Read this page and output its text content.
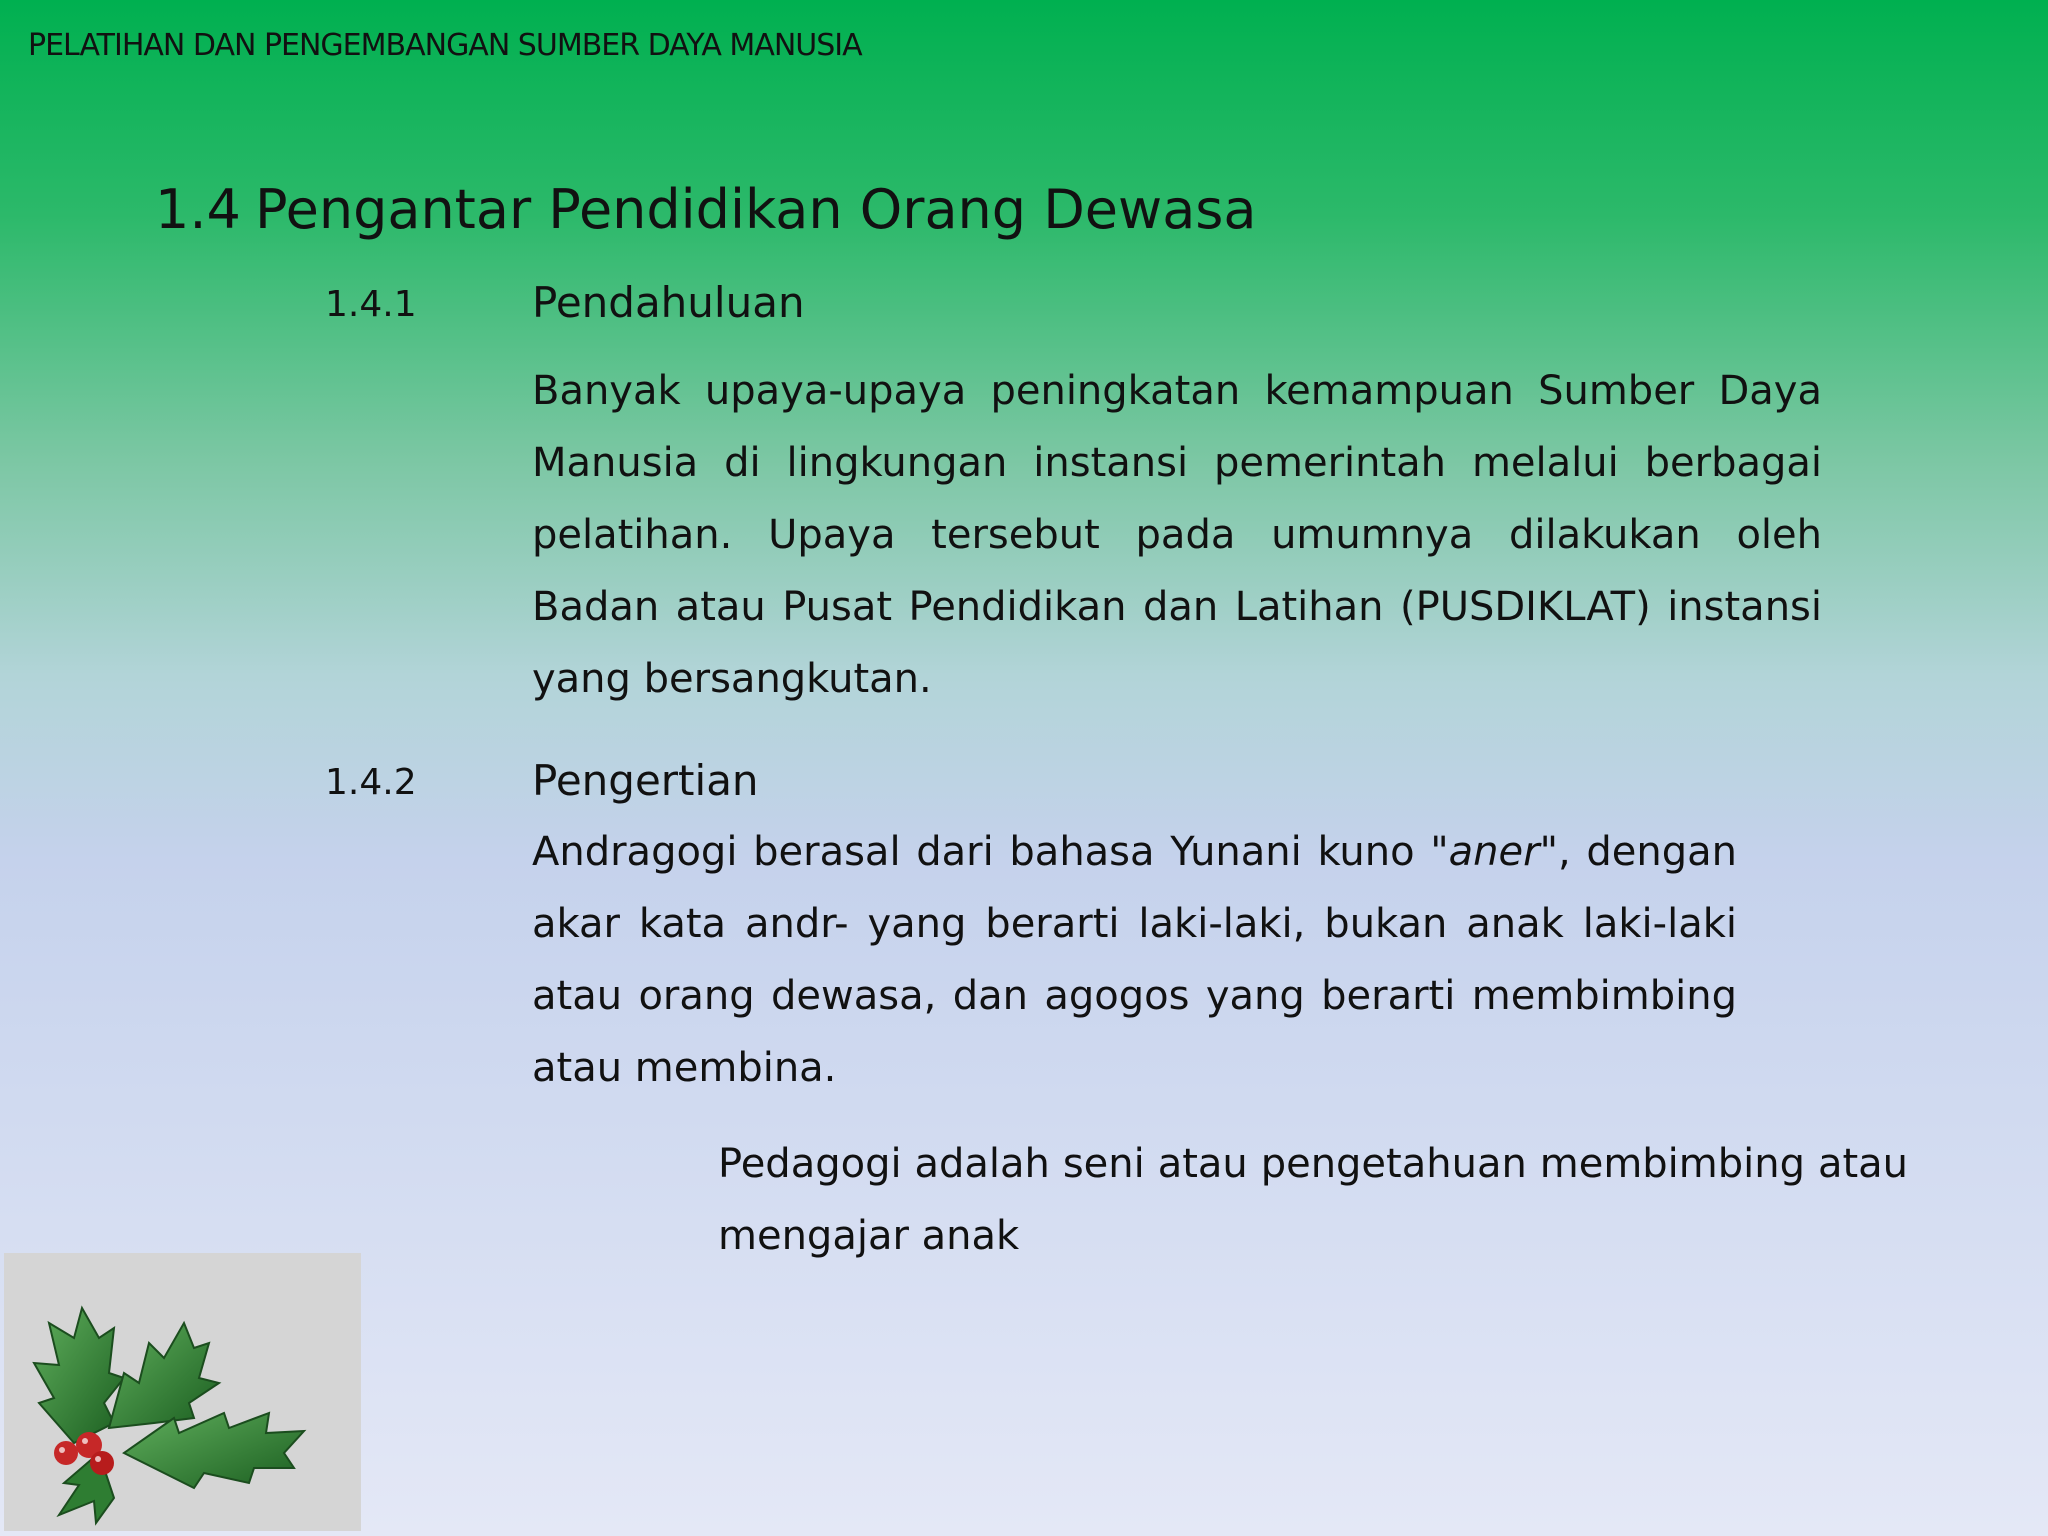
PELATIHAN DAN PENGEMBANGAN SUMBER DAYA MANUSIA
1.4 Pengantar Pendidikan Orang Dewasa
1.4.1	Pendahuluan

Banyak upaya-upaya peningkatan kemampuan Sumber Daya Manusia di lingkungan instansi pemerintah melalui berbagai pelatihan. Upaya tersebut pada umumnya dilakukan oleh Badan atau Pusat Pendidikan dan Latihan (PUSDIKLAT) instansi yang bersangkutan.

1.4.2	Pengertian

Andragogi berasal dari bahasa Yunani kuno "aner", dengan akar kata andr- yang berarti laki-laki, bukan anak laki-laki atau orang dewasa, dan agogos yang berarti membimbing atau membina.

Pedagogi adalah seni atau pengetahuan membimbing atau mengajar anak
